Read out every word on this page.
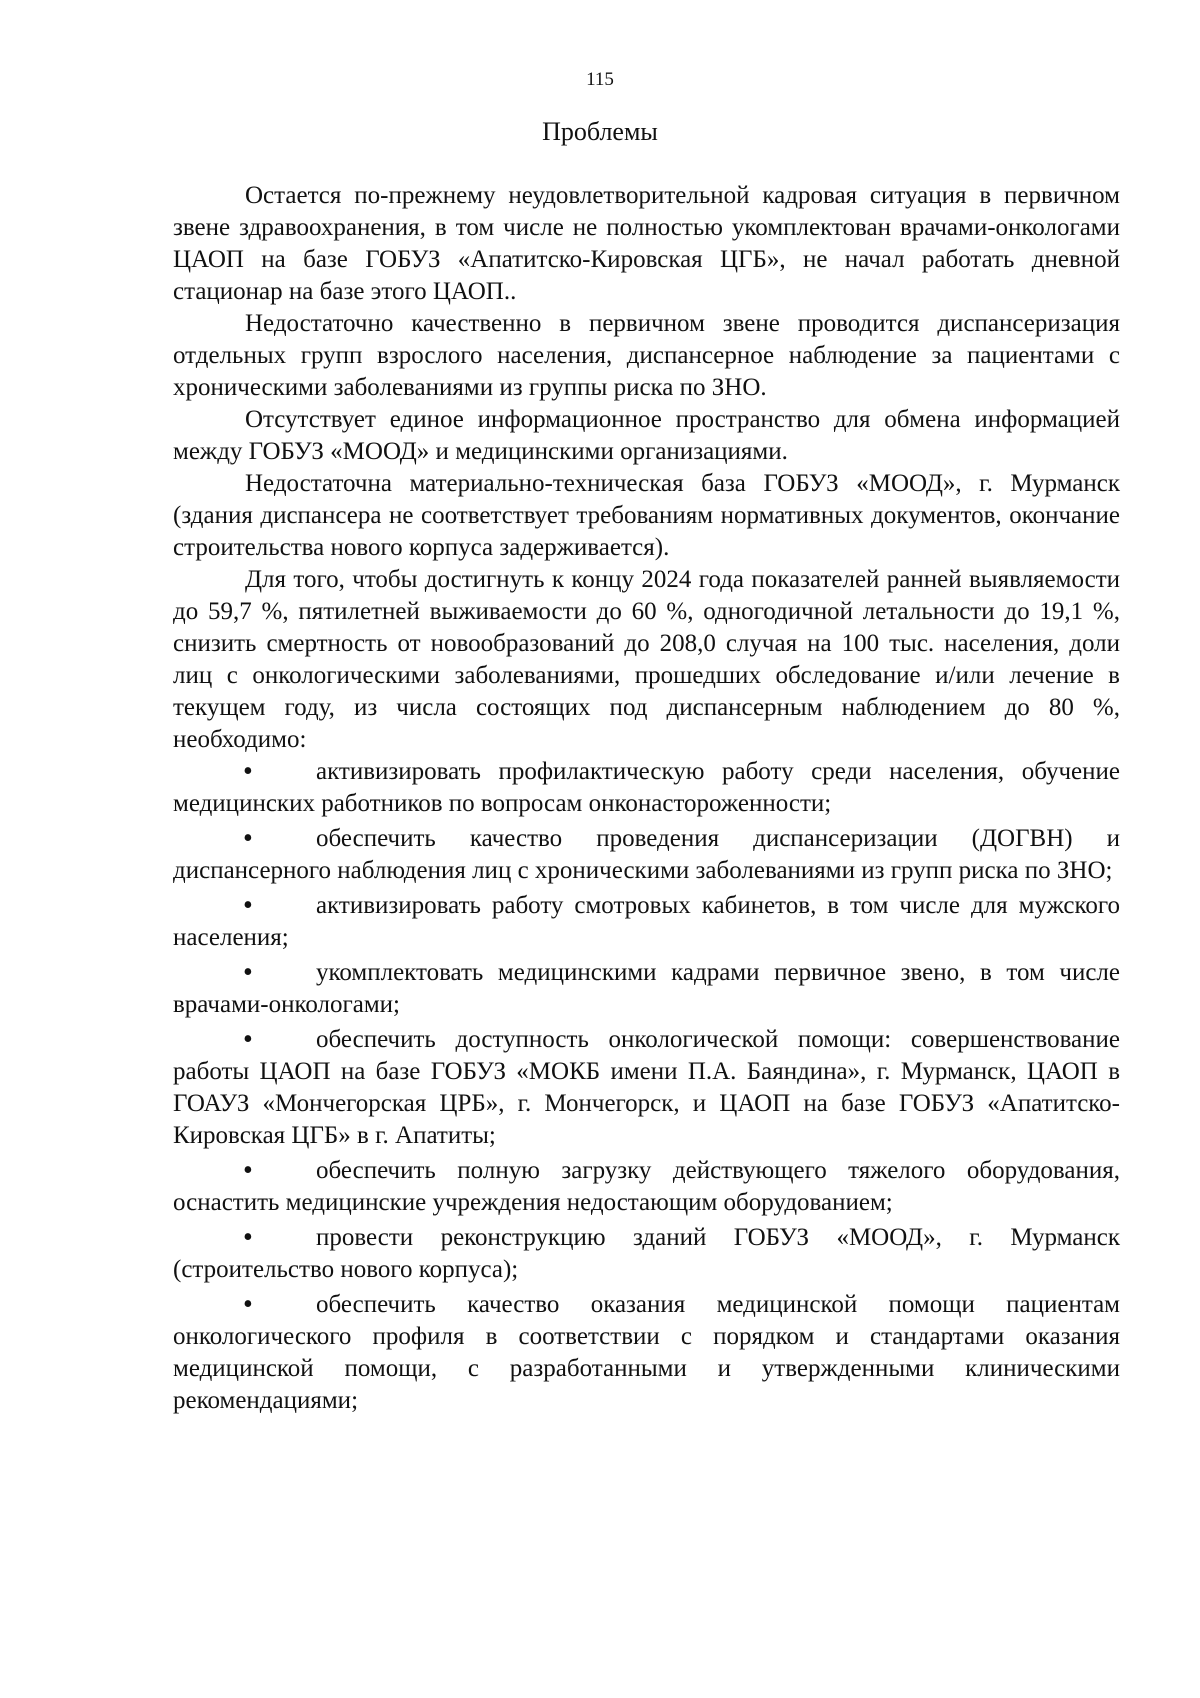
115
Проблемы

Остается по-прежнему неудовлетворительной кадровая ситуация в первичном звене здравоохранения, в том числе не полностью укомплектован врачами-онкологами ЦАОП на базе ГОБУЗ «Апатитско-Кировская ЦГБ», не начал работать дневной стационар на базе этого ЦАОП..

Недостаточно качественно в первичном звене проводится диспансеризация отдельных групп взрослого населения, диспансерное наблюдение за пациентами с хроническими заболеваниями из группы риска по ЗНО.

Отсутствует единое информационное пространство для обмена информацией между ГОБУЗ «МООД» и медицинскими организациями.

Недостаточна материально-техническая база ГОБУЗ «МООД», г. Мурманск (здания диспансера не соответствует требованиям нормативных документов, окончание строительства нового корпуса задерживается).

Для того, чтобы достигнуть к концу 2024 года показателей ранней выявляемости до 59,7 %, пятилетней выживаемости до 60 %, одногодичной летальности до 19,1 %, снизить смертность от новообразований до 208,0 случая на 100 тыс. населения, доли лиц с онкологическими заболеваниями, прошедших обследование и/или лечение в текущем году, из числа состоящих под диспансерным наблюдением до 80 %, необходимо:

• активизировать профилактическую работу среди населения, обучение медицинских работников по вопросам онконастороженности;
• обеспечить качество проведения диспансеризации (ДОГВН) и диспансерного наблюдения лиц с хроническими заболеваниями из групп риска по ЗНО;
• активизировать работу смотровых кабинетов, в том числе для мужского населения;
• укомплектовать медицинскими кадрами первичное звено, в том числе врачами-онкологами;
• обеспечить доступность онкологической помощи: совершенствование работы ЦАОП на базе ГОБУЗ «МОКБ имени П.А. Баяндина», г. Мурманск, ЦАОП в ГОАУЗ «Мончегорская ЦРБ», г. Мончегорск, и ЦАОП на базе ГОБУЗ «Апатитско-Кировская ЦГБ» в г. Апатиты;
• обеспечить полную загрузку действующего тяжелого оборудования, оснастить медицинские учреждения недостающим оборудованием;
• провести реконструкцию зданий ГОБУЗ «МООД», г. Мурманск (строительство нового корпуса);
• обеспечить качество оказания медицинской помощи пациентам онкологического профиля в соответствии с порядком и стандартами оказания медицинской помощи, с разработанными и утвержденными клиническими рекомендациями;
